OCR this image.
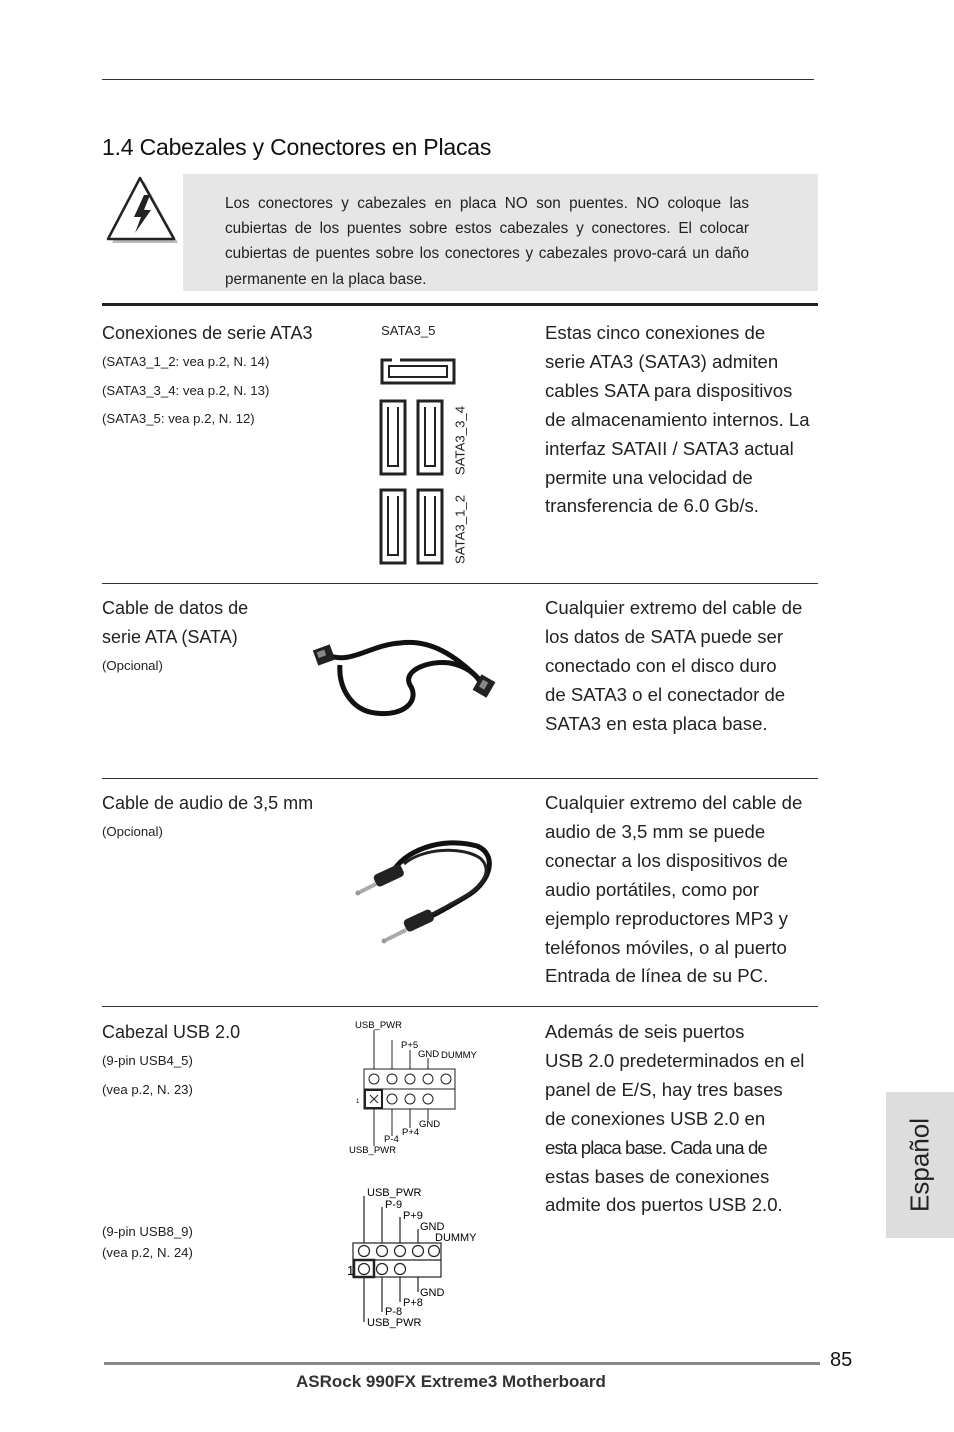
1.4 Cabezales y Conectores en Placas
Los conectores y cabezales en placa NO son puentes. NO coloque las cubiertas de los puentes sobre estos cabezales y conectores. El colocar cubiertas de puentes sobre los conectores y cabezales provo-cará un daño permanente en la placa base.
Conexiones de serie ATA3
(SATA3_1_2: vea p.2, N. 14)
(SATA3_3_4: vea p.2, N. 13)
(SATA3_5: vea p.2, N. 12)
SATA3_5
SATA3_3_4
SATA3_1_2
Estas cinco conexiones de
serie ATA3 (SATA3) admiten
cables SATA para dispositivos
de almacenamiento internos. La
interfaz SATAII / SATA3 actual
permite una velocidad de
transferencia de 6.0 Gb/s.
Cable de datos de
serie ATA (SATA)
(Opcional)
Cualquier extremo del cable de
los datos de SATA puede ser
conectado con el disco duro
de SATA3 o el conectador de
SATA3 en esta placa base.
Cable de audio de 3,5 mm
(Opcional)
Cualquier extremo del cable de
audio de 3,5 mm se puede
conectar a los dispositivos de
audio portátiles, como por
ejemplo reproductores MP3 y
teléfonos móviles, o al puerto
Entrada de línea de su PC.
Cabezal USB 2.0
(9-pin USB4_5)
(vea p.2, N. 23)
USB_PWR
P+5
GND DUMMY
1
GND
P+4
P-4
USB_PWR
(9-pin USB8_9)
(vea p.2, N. 24)
USB_PWR
P-9
P+9
GND
DUMMY
1
GND
P+8
P-8
USB_PWR
Además de seis puertos
USB 2.0 predeterminados en el
panel de E/S, hay tres bases
de conexiones USB 2.0 en
esta placa base. Cada una de
estas bases de conexiones
admite dos puertos USB 2.0.	Español
85
ASRock 990FX Extreme3 Motherboard
